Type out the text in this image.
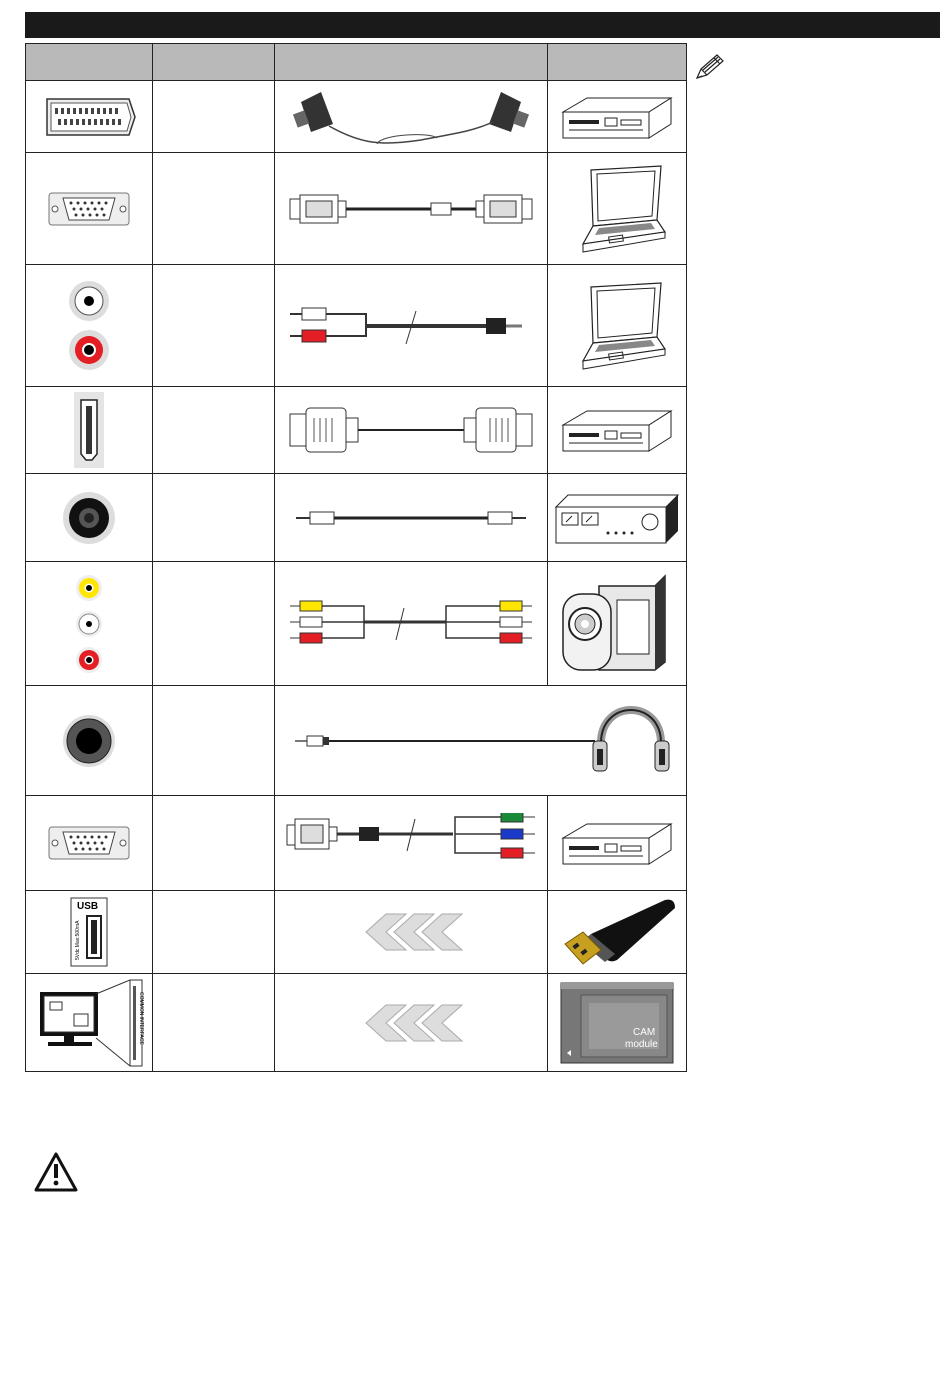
USB
5Vdc Max:500mA

COMMON INTERFACE			CAM
module
